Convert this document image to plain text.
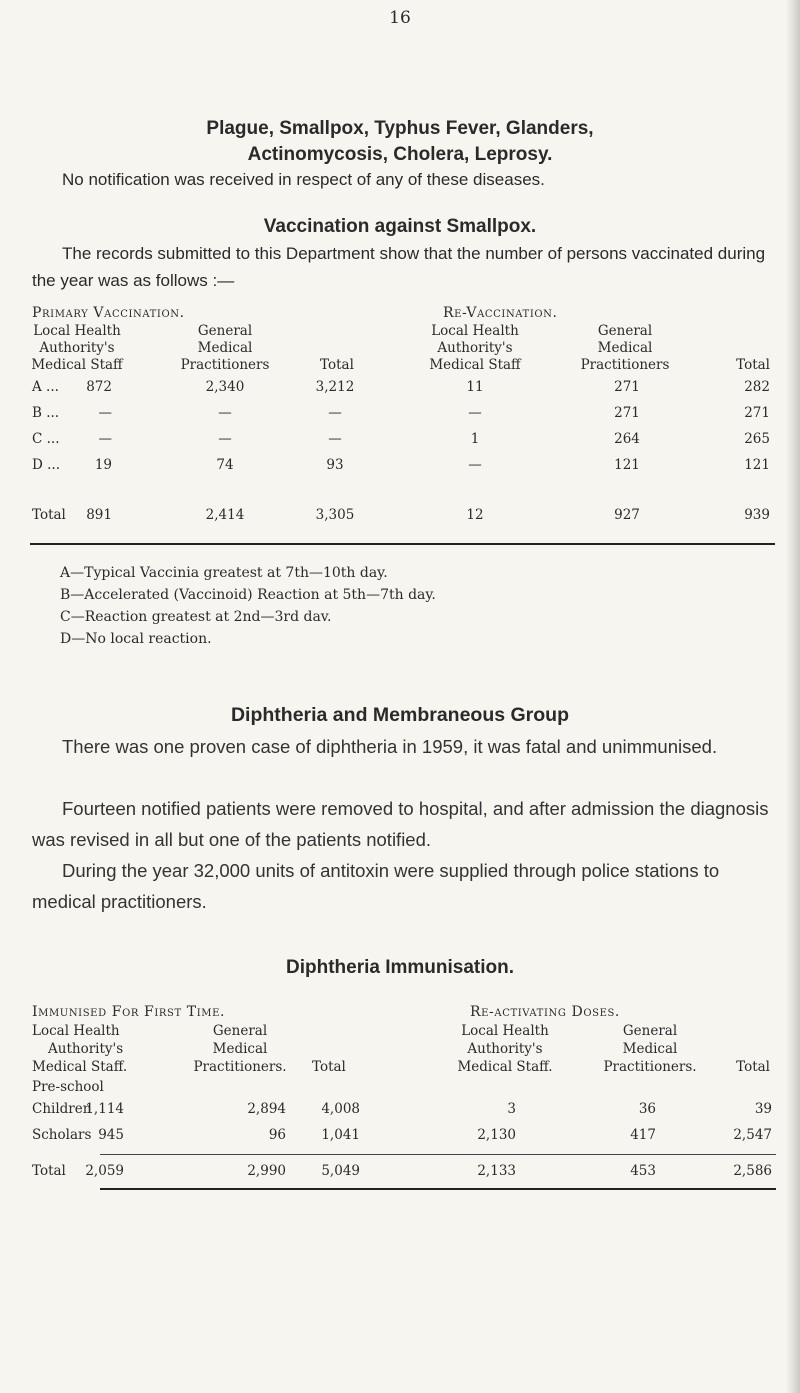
16
Plague, Smallpox, Typhus Fever, Glanders,
Actinomycosis, Cholera, Leprosy.
No notification was received in respect of any of these diseases.
Vaccination against Smallpox.
The records submitted to this Department show that the number of persons vaccinated during the year was as follows :—
Primary Vaccination.	Re-Vaccination.
Local Health
Authority's
Medical Staff
General
Medical
Practitioners	Total
Local Health
Authority's
Medical Staff
General
Medical
Practitioners	Total
A ...	872	2,340	3,212	11	271	282
B ...	—	—	—	—	271	271
C ...	—	—	—	1	264	265
D ...	19	74	93	—	121	121
Total	891	2,414	3,305	12	927	939
A—Typical Vaccinia greatest at 7th—10th day.
B—Accelerated (Vaccinoid) Reaction at 5th—7th day.
C—Reaction greatest at 2nd—3rd dav.
D—No local reaction.
Diphtheria and Membraneous Group
There was one proven case of diphtheria in 1959, it was fatal and unimmunised.
Fourteen notified patients were removed to hospital, and after admission the diagnosis was revised in all but one of the patients notified.
During the year 32,000 units of antitoxin were supplied through police stations to medical practitioners.
Diphtheria Immunisation.
Immunised For First Time.	Re-activating Doses.
Local Health
Authority's
Medical Staff.
General
Medical
Practitioners.	Total
Local Health
Authority's
Medical Staff.
General
Medical
Practitioners.	Total
Pre-school
Children
1,114	2,894	4,008	3	36	39
Scholars 945	96	1,041	2,130	417	2,547
Total	2,059	2,990	5,049	2,133	453	2,586
